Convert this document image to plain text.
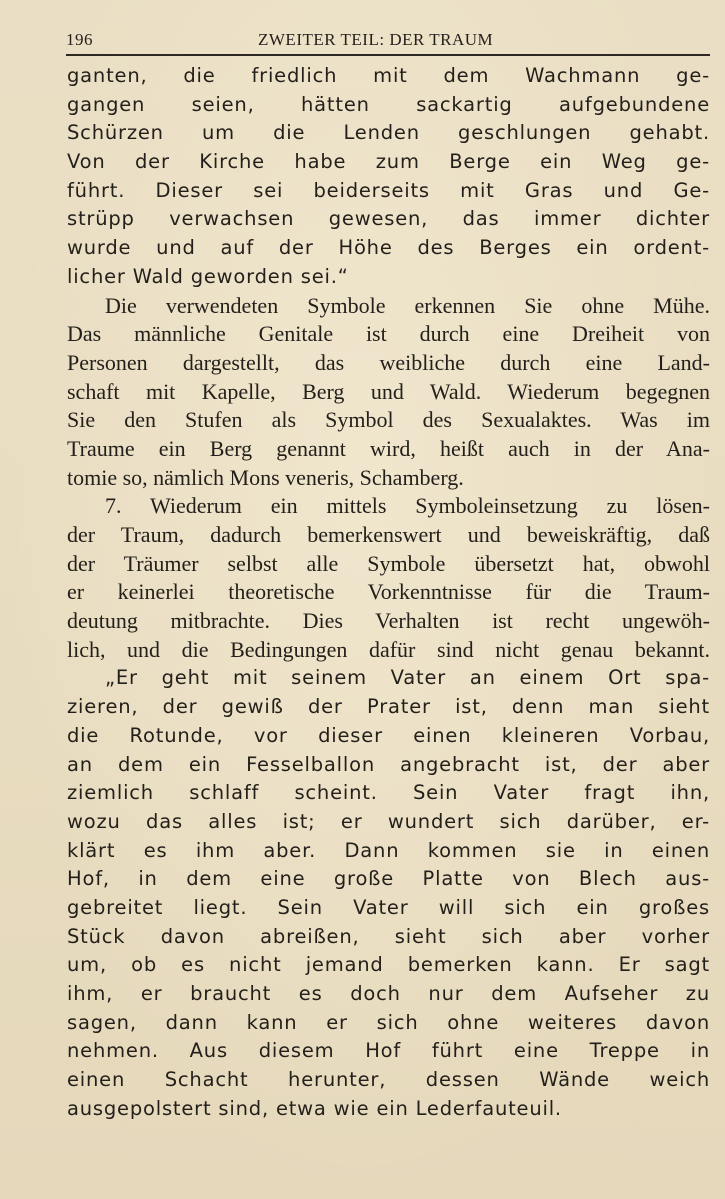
196	ZWEITER TEIL: DER TRAUM
ganten, die friedlich mit dem Wachmann ge-
gangen seien, hätten sackartig aufgebundene
Schürzen um die Lenden geschlungen gehabt.
Von der Kirche habe zum Berge ein Weg ge-
führt. Dieser sei beiderseits mit Gras und Ge-
strüpp verwachsen gewesen, das immer dichter
wurde und auf der Höhe des Berges ein ordent-
licher Wald geworden sei.“
Die verwendeten Symbole erkennen Sie ohne Mühe.
Das männliche Genitale ist durch eine Dreiheit von
Personen dargestellt, das weibliche durch eine Land-
schaft mit Kapelle, Berg und Wald. Wiederum begegnen
Sie den Stufen als Symbol des Sexualaktes. Was im
Traume ein Berg genannt wird, heißt auch in der Ana-
tomie so, nämlich Mons veneris, Schamberg.
7. Wiederum ein mittels Symboleinsetzung zu lösen-
der Traum, dadurch bemerkenswert und beweiskräftig, daß
der Träumer selbst alle Symbole übersetzt hat, obwohl
er keinerlei theoretische Vorkenntnisse für die Traum-
deutung mitbrachte. Dies Verhalten ist recht ungewöh-
lich, und die Bedingungen dafür sind nicht genau bekannt.
„Er geht mit seinem Vater an einem Ort spa-
zieren, der gewiß der Prater ist, denn man sieht
die Rotunde, vor dieser einen kleineren Vorbau,
an dem ein Fesselballon angebracht ist, der aber
ziemlich schlaff scheint. Sein Vater fragt ihn,
wozu das alles ist; er wundert sich darüber, er-
klärt es ihm aber. Dann kommen sie in einen
Hof, in dem eine große Platte von Blech aus-
gebreitet liegt. Sein Vater will sich ein großes
Stück davon abreißen, sieht sich aber vorher
um, ob es nicht jemand bemerken kann. Er sagt
ihm, er braucht es doch nur dem Aufseher zu
sagen, dann kann er sich ohne weiteres davon
nehmen. Aus diesem Hof führt eine Treppe in
einen Schacht herunter, dessen Wände weich
ausgepolstert sind, etwa wie ein Lederfauteuil.
